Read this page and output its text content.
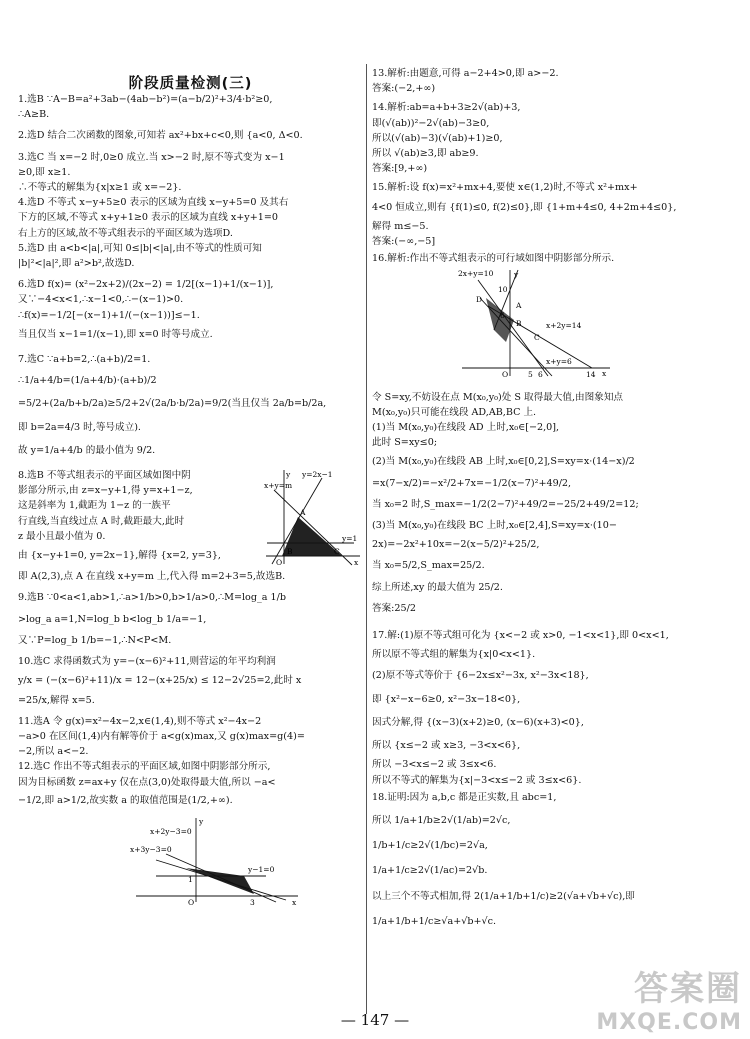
阶段质量检测(三)
1.选B ∵A−B=a²+3ab−(4ab−b²)=(a−b/2)²+3/4·b²≥0,
∴A≥B.
2.选D 结合二次函数的图象,可知若 ax²+bx+c<0,则 {a<0, Δ<0.
3.选C 当 x=−2 时,0≥0 成立.当 x>−2 时,原不等式变为 x−1
≥0,即 x≥1.
∴不等式的解集为{x|x≥1 或 x=−2}.
4.选D 不等式 x−y+5≥0 表示的区域为直线 x−y+5=0 及其右
下方的区域,不等式 x+y+1≥0 表示的区域为直线 x+y+1=0
右上方的区域,故不等式组表示的平面区域为选项D.
5.选D 由 a<b<|a|,可知 0≤|b|<|a|,由不等式的性质可知
|b|²<|a|²,即 a²>b²,故选D.
6.选D f(x)= (x²−2x+2)/(2x−2) = 1/2[(x−1)+1/(x−1)],
又∵−4<x<1,∴x−1<0,∴−(x−1)>0.
∴f(x)=−1/2[−(x−1)+1/(−(x−1))]≤−1.
当且仅当 x−1=1/(x−1),即 x=0 时等号成立.
7.选C ∵a+b=2,∴(a+b)/2=1.
∴1/a+4/b=(1/a+4/b)·(a+b)/2
=5/2+(2a/b+b/2a)≥5/2+2√(2a/b·b/2a)=9/2(当且仅当 2a/b=b/2a,
即 b=2a=4/3 时,等号成立).
故 y=1/a+4/b 的最小值为 9/2.
8.选B 不等式组表示的平面区域如图中阴
影部分所示,由 z=x−y+1,得 y=x+1−z,
这是斜率为 1,截距为 1−z 的一族平
行直线,当直线过点 A 时,截距最大,此时
z 最小且最小值为 0.
由 {x−y+1=0, y=2x−1},解得 {x=2, y=3},
即 A(2,3),点 A 在直线 x+y=m 上,代入得 m=2+3=5,故选B.
y y=2x−1
x+y=m
A
y=1
O
B	C
x
9.选B ∵0<a<1,ab>1,∴a>1/b>0,b>1/a>0,∴M=log_a 1/b
>log_a a=1,N=log_b b<log_b 1/a=−1,
又∵P=log_b 1/b=−1,∴N<P<M.
10.选C 求得函数式为 y=−(x−6)²+11,则营运的年平均利润
y/x = (−(x−6)²+11)/x = 12−(x+25/x) ≤ 12−2√25=2,此时 x
=25/x,解得 x=5.
11.选A 令 g(x)=x²−4x−2,x∈(1,4),则不等式 x²−4x−2
−a>0 在区间(1,4)内有解等价于 a<g(x)max,又 g(x)max=g(4)=
−2,所以 a<−2.
12.选C 作出不等式组表示的平面区域,如图中阴影部分所示,
因为目标函数 z=ax+y 仅在点(3,0)处取得最大值,所以 −a<
−1/2,即 a>1/2,故实数 a 的取值范围是(1/2,+∞).
x+2y−3=0
x+3y−3=0
y
y−1=0
1
O	3	x
13.解析:由题意,可得 a−2+4>0,即 a>−2.
答案:(−2,+∞)
14.解析:ab=a+b+3≥2√(ab)+3,
即(√(ab))²−2√(ab)−3≥0,
所以(√(ab)−3)(√(ab)+1)≥0,
所以 √(ab)≥3,即 ab≥9.
答案:[9,+∞)
15.解析:设 f(x)=x²+mx+4,要使 x∈(1,2)时,不等式 x²+mx+
4<0 恒成立,则有 {f(1)≤0, f(2)≤0},即 {1+m+4≤0, 4+2m+4≤0},
解得 m≤−5.
答案:(−∞,−5]
16.解析:作出不等式组表示的可行域如图中阴影部分所示.
2x+y=10	y
10
D
A
6
B	x+2y=14
C
x+y=6
O	5 6	14 x
令 S=xy,不妨设在点 M(x₀,y₀)处 S 取得最大值,由图象知点
M(x₀,y₀)只可能在线段 AD,AB,BC 上.
(1)当 M(x₀,y₀)在线段 AD 上时,x₀∈[−2,0],
此时 S=xy≤0;
(2)当 M(x₀,y₀)在线段 AB 上时,x₀∈[0,2],S=xy=x·(14−x)/2
=x(7−x/2)=−x²/2+7x=−1/2(x−7)²+49/2,
当 x₀=2 时,S_max=−1/2(2−7)²+49/2=−25/2+49/2=12;
(3)当 M(x₀,y₀)在线段 BC 上时,x₀∈[2,4],S=xy=x·(10−
2x)=−2x²+10x=−2(x−5/2)²+25/2,
当 x₀=5/2,S_max=25/2.
综上所述,xy 的最大值为 25/2.
答案:25/2
17.解:(1)原不等式组可化为 {x<−2 或 x>0, −1<x<1},即 0<x<1,
所以原不等式组的解集为{x|0<x<1}.
(2)原不等式等价于 {6−2x≤x²−3x, x²−3x<18},
即 {x²−x−6≥0, x²−3x−18<0},
因式分解,得 {(x−3)(x+2)≥0, (x−6)(x+3)<0},
所以 {x≤−2 或 x≥3, −3<x<6},
所以 −3<x≤−2 或 3≤x<6.
所以不等式的解集为{x|−3<x≤−2 或 3≤x<6}.
18.证明:因为 a,b,c 都是正实数,且 abc=1,
所以 1/a+1/b≥2√(1/ab)=2√c,
1/b+1/c≥2√(1/bc)=2√a,
1/a+1/c≥2√(1/ac)=2√b.
以上三个不等式相加,得 2(1/a+1/b+1/c)≥2(√a+√b+√c),即
1/a+1/b+1/c≥√a+√b+√c.
— 147 —
答案圈
MXQE.COM
